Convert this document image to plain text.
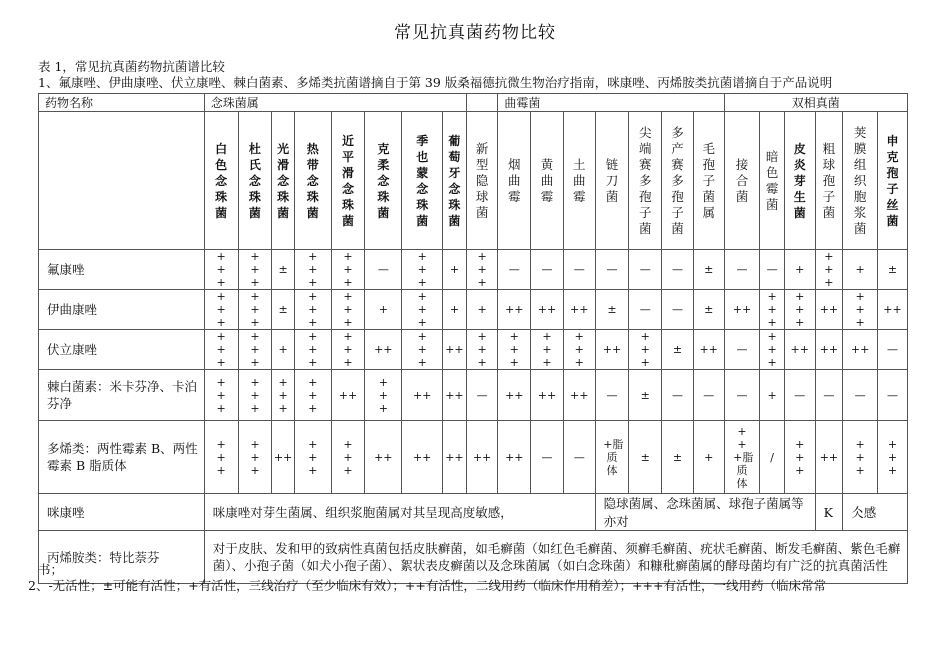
常见抗真菌药物比较
表 1，常见抗真菌药物抗菌谱比较
1、氟康唑、伊曲康唑、伏立康唑、棘白菌素、多烯类抗菌谱摘自于第 39 版桑福德抗微生物治疗指南，咪康唑、丙烯胺类抗菌谱摘自于产品说明
药物名称	念珠菌属									曲霉菌							双相真菌					
	白色念珠菌	杜氏念珠菌	光滑念珠菌	热带念珠菌	近平滑念珠菌	克柔念珠菌	季也蒙念珠菌	葡萄牙念珠菌	新型隐球菌	烟曲霉	黄曲霉	土曲霉	链刀菌	尖端赛多孢子菌	多产赛多孢子菌	毛孢子菌属	接合菌	暗色霉菌	皮炎芽生菌	粗球孢子菌	荚膜组织胞浆菌	申克孢子丝菌
氟康唑	+++	+++	±	+++	+++	—	+++	+	+++	—	—	—	—	—	—	±	—	—	+	+++	+	±
伊曲康唑	+++	+++	±	+++	+++	+	+++	+	+	++	++	++	±	—	—	±	++	+++	+++	++	+++	++
伏立康唑	+++	+++	+	+++	+++	++	+++	++	+++	+++	+++	+++	++	+++	±	++	—	+++	++	++	++	—
棘白菌素：米卡芬净、卡泊芬净	+++	+++	+++	+++	++	+++	++	++	—	++	++	++	—	±	—	—	—	+	—	—	—	—
多烯类：两性霉素 B、两性霉素 B 脂质体	+++	+++	++	+++	+++	++	++	++	++	++	—	—	+脂质体	±	±	+	+++脂质体	/	+++	++	+++	+++
咪康唑	咪康唑对芽生菌属、组织浆胞菌属对其呈现高度敏感，												隐球菌属、念珠菌属、球孢子菌属等亦对							K	仌感	
丙烯胺类：特比萘芬	对于皮肤、发和甲的致病性真菌包括皮肤癣菌，如毛癣菌（如红色毛癣菌、须癣毛癣菌、疣状毛癣菌、断发毛癣菌、紫色毛癣菌）、小孢子菌（如犬小孢子菌）、絮状表皮癣菌以及念珠菌属（如白念珠菌）和糠秕癣菌属的酵母菌均有广泛的抗真菌活性																					
书；
2、-无活性；±可能有活性；+有活性，三线治疗（至少临床有效）；++有活性，二线用药（临床作用稍差）；+++有活性，一线用药（临床常常
